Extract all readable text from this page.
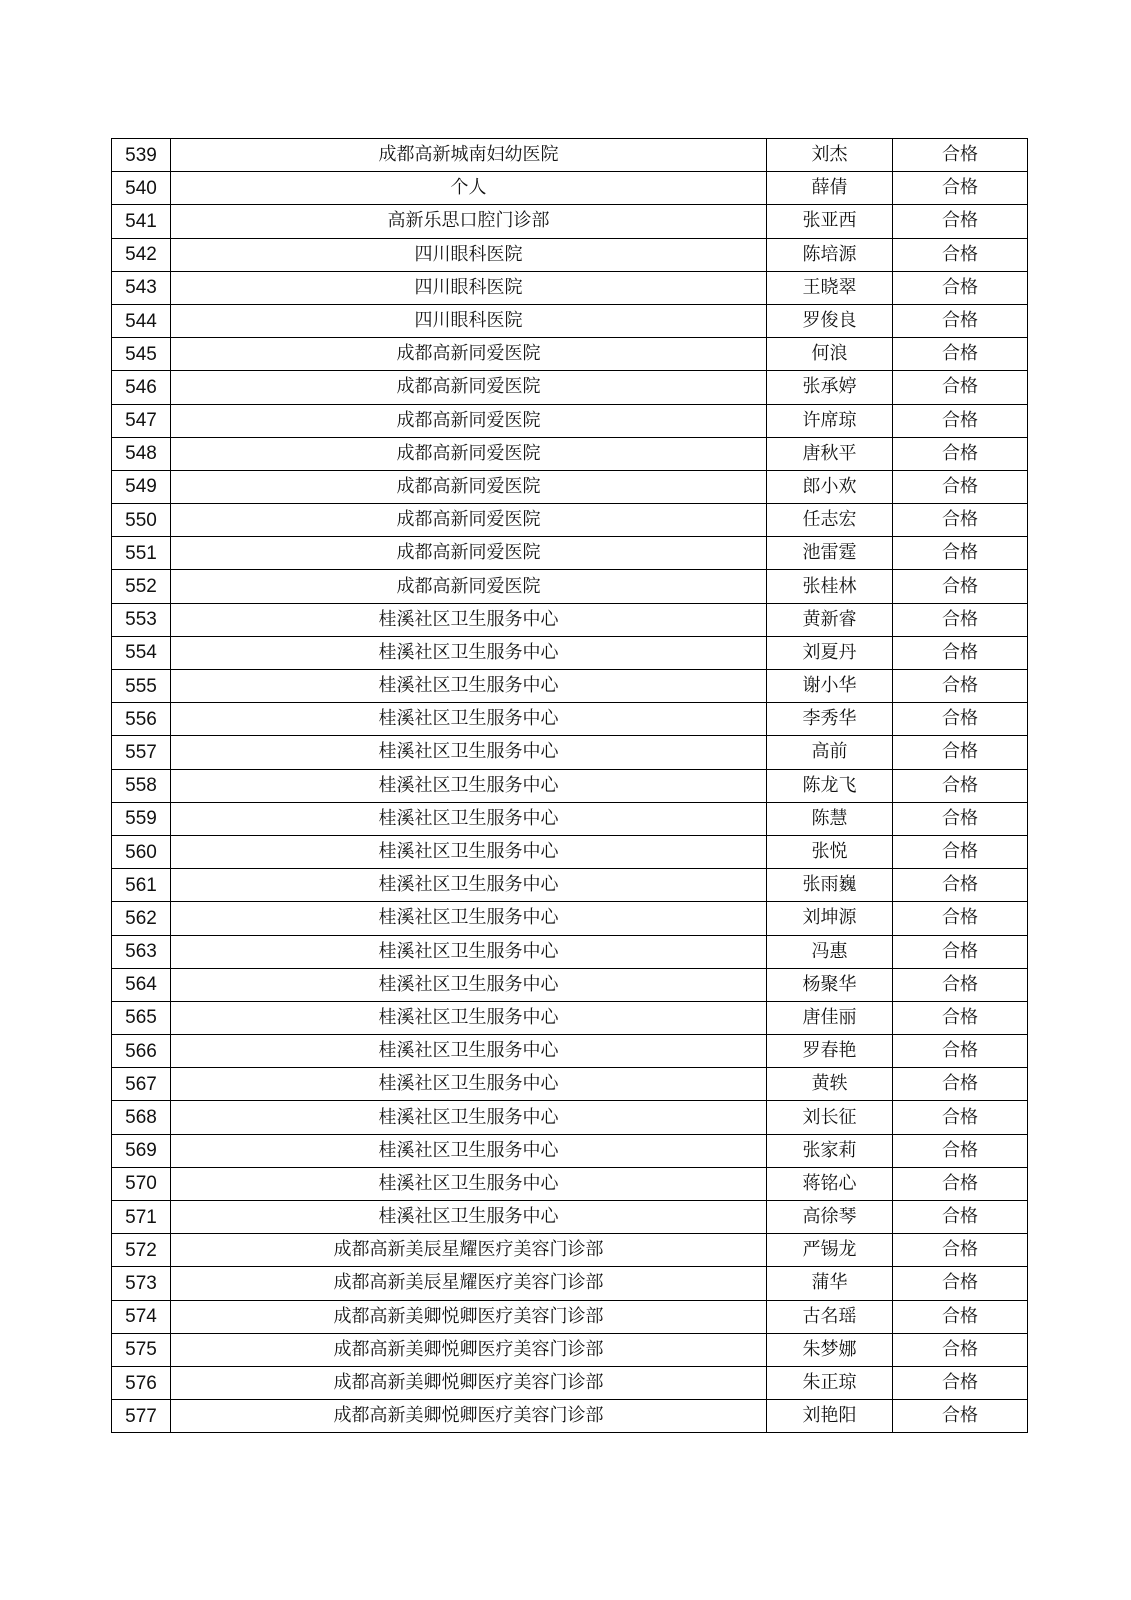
539	成都高新城南妇幼医院	刘杰	合格
540	个人	薛倩	合格
541	高新乐思口腔门诊部	张亚西	合格
542	四川眼科医院	陈培源	合格
543	四川眼科医院	王晓翠	合格
544	四川眼科医院	罗俊良	合格
545	成都高新同爱医院	何浪	合格
546	成都高新同爱医院	张承婷	合格
547	成都高新同爱医院	许席琼	合格
548	成都高新同爱医院	唐秋平	合格
549	成都高新同爱医院	郎小欢	合格
550	成都高新同爱医院	任志宏	合格
551	成都高新同爱医院	池雷霆	合格
552	成都高新同爱医院	张桂林	合格
553	桂溪社区卫生服务中心	黄新睿	合格
554	桂溪社区卫生服务中心	刘夏丹	合格
555	桂溪社区卫生服务中心	谢小华	合格
556	桂溪社区卫生服务中心	李秀华	合格
557	桂溪社区卫生服务中心	高前	合格
558	桂溪社区卫生服务中心	陈龙飞	合格
559	桂溪社区卫生服务中心	陈慧	合格
560	桂溪社区卫生服务中心	张悦	合格
561	桂溪社区卫生服务中心	张雨巍	合格
562	桂溪社区卫生服务中心	刘坤源	合格
563	桂溪社区卫生服务中心	冯惠	合格
564	桂溪社区卫生服务中心	杨聚华	合格
565	桂溪社区卫生服务中心	唐佳丽	合格
566	桂溪社区卫生服务中心	罗春艳	合格
567	桂溪社区卫生服务中心	黄轶	合格
568	桂溪社区卫生服务中心	刘长征	合格
569	桂溪社区卫生服务中心	张家莉	合格
570	桂溪社区卫生服务中心	蒋铭心	合格
571	桂溪社区卫生服务中心	高徐琴	合格
572	成都高新美辰星耀医疗美容门诊部	严锡龙	合格
573	成都高新美辰星耀医疗美容门诊部	蒲华	合格
574	成都高新美卿悦卿医疗美容门诊部	古名瑶	合格
575	成都高新美卿悦卿医疗美容门诊部	朱梦娜	合格
576	成都高新美卿悦卿医疗美容门诊部	朱正琼	合格
577	成都高新美卿悦卿医疗美容门诊部	刘艳阳	合格
